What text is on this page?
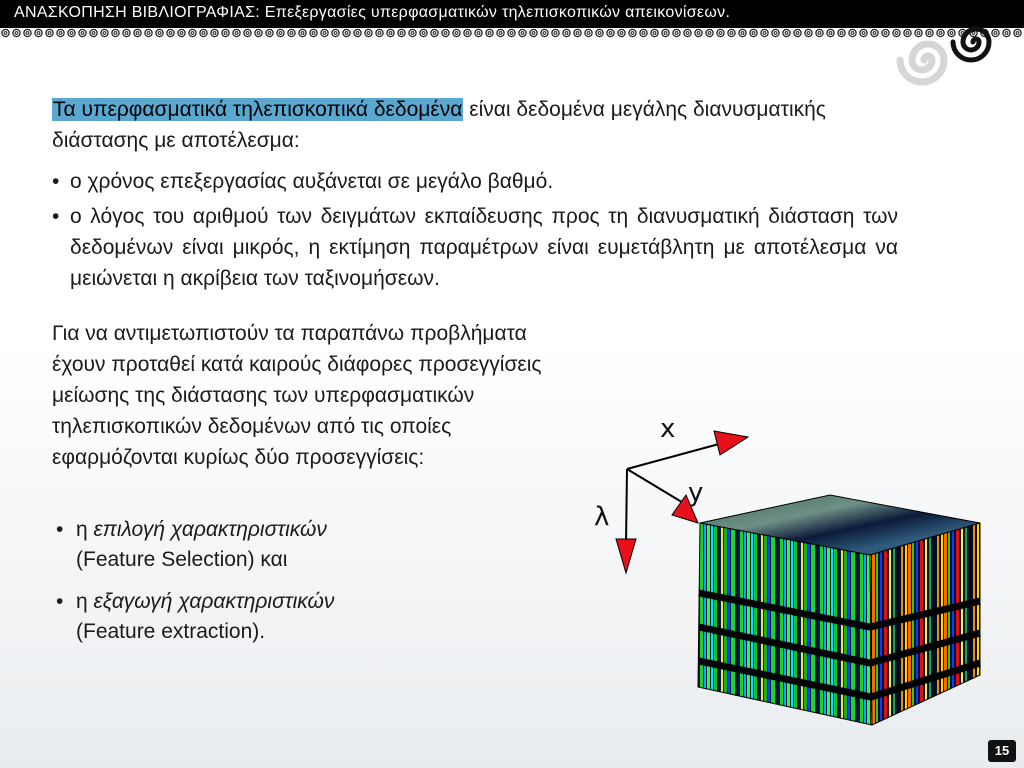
ΑΝΑΣΚΟΠΗΣΗ ΒΙΒΛΙΟΓΡΑΦΙΑΣ: Επεξεργασίες υπερφασματικών τηλεπισκοπικών απεικονίσεων.

Τα υπερφασματικά τηλεπισκοπικά δεδομένα είναι δεδομένα μεγάλης διανυσματικής διάστασης με αποτέλεσμα:

• ο χρόνος επεξεργασίας αυξάνεται σε μεγάλο βαθμό.
• ο λόγος του αριθμού των δειγμάτων εκπαίδευσης προς τη διανυσματική διάσταση των δεδομένων είναι μικρός, η εκτίμηση παραμέτρων είναι ευμετάβλητη με αποτέλεσμα να μειώνεται η ακρίβεια των ταξινομήσεων.

Για να αντιμετωπιστούν τα παραπάνω προβλήματα έχουν προταθεί κατά καιρούς διάφορες προσεγγίσεις μείωσης της διάστασης των υπερφασματικών τηλεπισκοπικών δεδομένων από τις οποίες εφαρμόζονται κυρίως δύο προσεγγίσεις:

• η επιλογή χαρακτηριστικών
(Feature Selection) και
• η εξαγωγή χαρακτηριστικών
(Feature extraction).
x
y
λ
15
